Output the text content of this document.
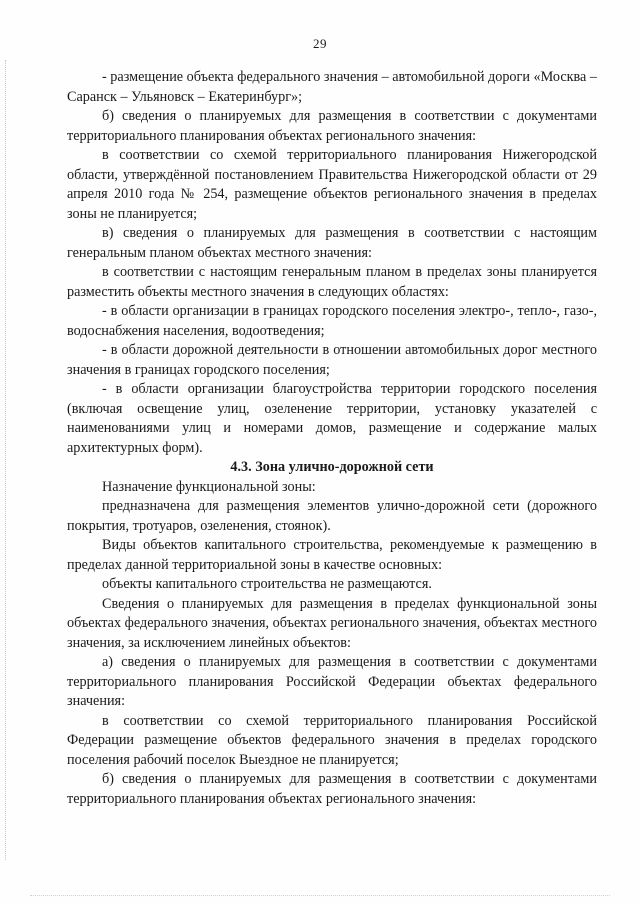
29

- размещение объекта федерального значения – автомобильной дороги «Москва – Саранск – Ульяновск – Екатеринбург»;

б) сведения о планируемых для размещения в соответствии с документами территориального планирования объектах регионального значения:

в соответствии со схемой территориального планирования Нижегородской области, утверждённой постановлением Правительства Нижегородской области от 29 апреля 2010 года № 254, размещение объектов регионального значения в пределах зоны не планируется;

в) сведения о планируемых для размещения в соответствии с настоящим генеральным планом объектах местного значения:

в соответствии с настоящим генеральным планом в пределах зоны планируется разместить объекты местного значения в следующих областях:

- в области организации в границах городского поселения электро-, тепло-, газо-, водоснабжения населения, водоотведения;

- в области дорожной деятельности в отношении автомобильных дорог местного значения в границах городского поселения;

- в области организации благоустройства территории городского поселения (включая освещение улиц, озеленение территории, установку указателей с наименованиями улиц и номерами домов, размещение и содержание малых архитектурных форм).

4.3. Зона улично-дорожной сети

Назначение функциональной зоны:

предназначена для размещения элементов улично-дорожной сети (дорожного покрытия, тротуаров, озеленения, стоянок).

Виды объектов капитального строительства, рекомендуемые к размещению в пределах данной территориальной зоны в качестве основных:

объекты капитального строительства не размещаются.

Сведения о планируемых для размещения в пределах функциональной зоны объектах федерального значения, объектах регионального значения, объектах местного значения, за исключением линейных объектов:

а) сведения о планируемых для размещения в соответствии с документами территориального планирования Российской Федерации объектах федерального значения:

в соответствии со схемой территориального планирования Российской Федерации размещение объектов федерального значения в пределах городского поселения рабочий поселок Выездное не планируется;

б) сведения о планируемых для размещения в соответствии с документами территориального планирования объектах регионального значения:
